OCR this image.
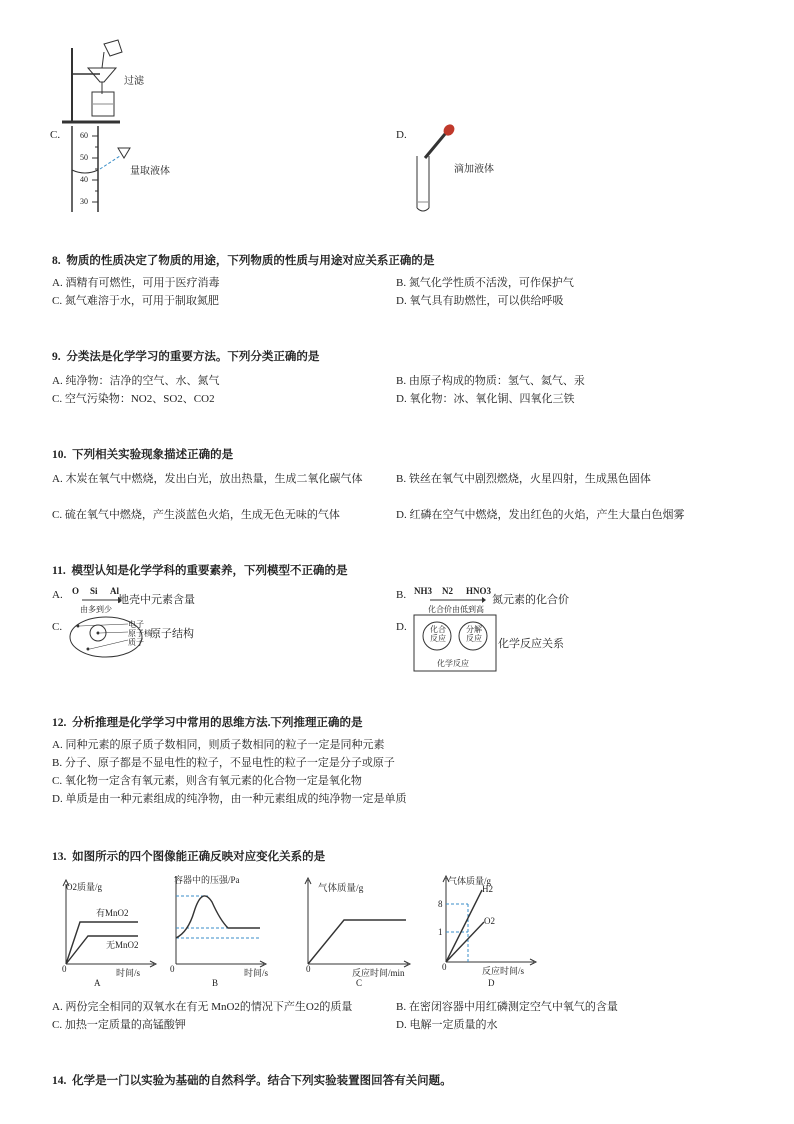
过滤
C. 60
50
40
30
量取液体
D.
滴加液体
8. 物质的性质决定了物质的用途，下列物质的性质与用途对应关系正确的是
A. 酒精有可燃性，可用于医疗消毒	B. 氮气化学性质不活泼，可作保护气
C. 氮气难溶于水，可用于制取氮肥	D. 氧气具有助燃性，可以供给呼吸
9. 分类法是化学学习的重要方法。下列分类正确的是
A. 纯净物：洁净的空气、水、氮气	B. 由原子构成的物质：氢气、氦气、汞
C. 空气污染物：NO2、SO2、CO2	D. 氧化物：冰、氧化铜、四氧化三铁
10. 下列相关实验现象描述正确的是
A. 木炭在氧气中燃烧，发出白光，放出热量，生成二氧化碳气体	B. 铁丝在氧气中剧烈燃烧，火星四射，生成黑色固体
C. 硫在氧气中燃烧，产生淡蓝色火焰，生成无色无味的气体	D. 红磷在空气中燃烧，发出红色的火焰，产生大量白色烟雾
11. 模型认知是化学学科的重要素养，下列模型不正确的是
A. O Si Al
由多到少
地壳中元素含量	B. NH3 N2 HNO3
化合价由低到高
氮元素的化合价
C.	电子
原子核
质子
原子结构
D.	化合反应
分解反应
化学反应
化学反应关系
12. 分析推理是化学学习中常用的思维方法.下列推理正确的是
A. 同种元素的原子质子数相同，则质子数相同的粒子一定是同种元素
B. 分子、原子都是不显电性的粒子，不显电性的粒子一定是分子或原子
C. 氧化物一定含有氧元素，则含有氧元素的化合物一定是氧化物
D. 单质是由一种元素组成的纯净物，由一种元素组成的纯净物一定是单质
13. 如图所示的四个图像能正确反映对应变化关系的是
O2质量/g
有MnO2
无MnO2
0	时间/s
A
容器中的压强/Pa
0	时间/s
B
气体质量/g
0	反应时间/min
C
气体质量/g
H2
O2
8
1
0	反应时间/s
D
A. 两份完全相同的双氧水在有无 MnO2的情况下产生O2的质量	B. 在密闭容器中用红磷测定空气中氧气的含量
C. 加热一定质量的高锰酸钾	D. 电解一定质量的水
14. 化学是一门以实验为基础的自然科学。结合下列实验装置图回答有关问题。
